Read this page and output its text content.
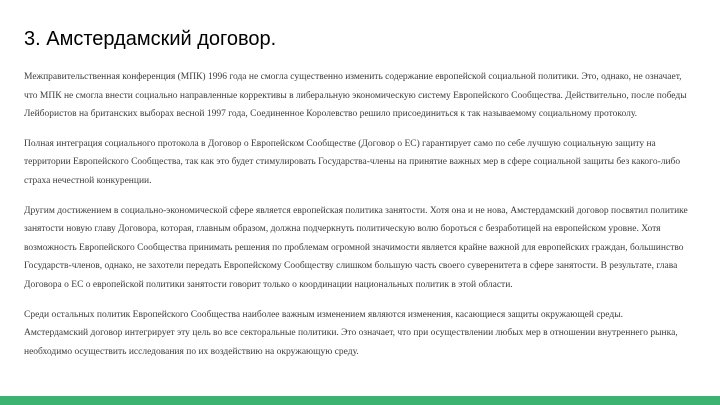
3. Амстердамский договор.

Межправительственная конференция (МПК) 1996 года не смогла существенно изменить содержание европейской социальной политики. Это, однако, не означает, что МПК не смогла внести социально направленные коррективы в либеральную экономическую систему Европейского Сообщества. Действительно, после победы Лейбористов на британских выборах весной 1997 года, Соединенное Королевство решило присоединиться к так называемому социальному протоколу.

Полная интеграция социального протокола в Договор о Европейском Сообществе (Договор о ЕС) гарантирует само по себе лучшую социальную защиту на территории Европейского Сообщества, так как это будет стимулировать Государства-члены на принятие важных мер в сфере социальной защиты без какого-либо страха нечестной конкуренции.

Другим достижением в социально-экономической сфере является европейская политика занятости. Хотя она и не нова, Амстердамский договор посвятил политике занятости новую главу Договора, которая, главным образом, должна подчеркнуть политическую волю бороться с безработицей на европейском уровне. Хотя возможность Европейского Сообщества принимать решения по проблемам огромной значимости является крайне важной для европейских граждан, большинство Государств-членов, однако, не захотели передать Европейскому Сообществу слишком большую часть своего суверенитета в сфере занятости. В результате, глава Договора о ЕС о европейской политики занятости говорит только о координации национальных политик в этой области.

Среди остальных политик Европейского Сообщества наиболее важным изменением являются изменения, касающиеся защиты окружающей среды. Амстердамский договор интегрирует эту цель во все секторальные политики. Это означает, что при осуществлении любых мер в отношении внутреннего рынка, необходимо осуществить исследования по их воздействию на окружающую среду.
